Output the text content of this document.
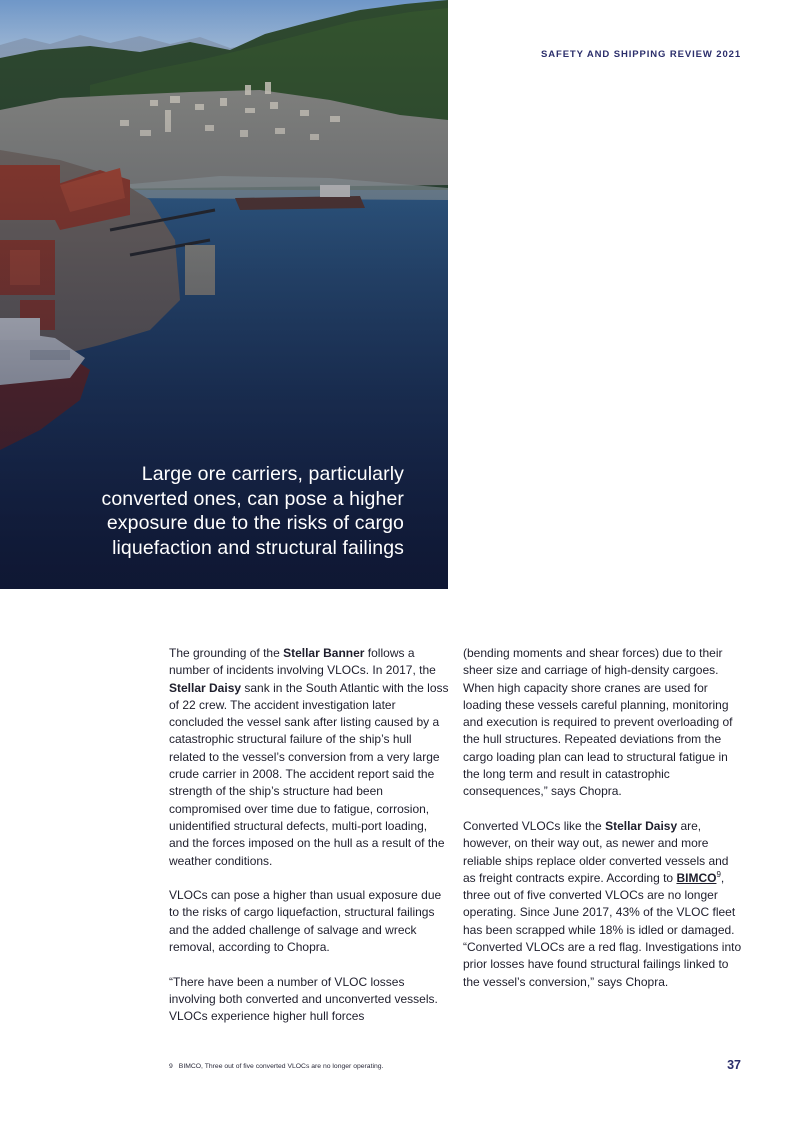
SAFETY AND SHIPPING REVIEW 2021
Large ore carriers, particularly converted ones, can pose a higher exposure due to the risks of cargo liquefaction and structural failings

The grounding of the Stellar Banner follows a number of incidents involving VLOCs. In 2017, the Stellar Daisy sank in the South Atlantic with the loss of 22 crew. The accident investigation later concluded the vessel sank after listing caused by a catastrophic structural failure of the ship’s hull related to the vessel’s conversion from a very large crude carrier in 2008. The accident report said the strength of the ship’s structure had been compromised over time due to fatigue, corrosion, unidentified structural defects, multi-port loading, and the forces imposed on the hull as a result of the weather conditions.

VLOCs can pose a higher than usual exposure due to the risks of cargo liquefaction, structural failings and the added challenge of salvage and wreck removal, according to Chopra.

“There have been a number of VLOC losses involving both converted and unconverted vessels. VLOCs experience higher hull forces

(bending moments and shear forces) due to their sheer size and carriage of high-density cargoes. When high capacity shore cranes are used for loading these vessels careful planning, monitoring and execution is required to prevent overloading of the hull structures. Repeated deviations from the cargo loading plan can lead to structural fatigue in the long term and result in catastrophic consequences,” says Chopra.

Converted VLOCs like the Stellar Daisy are, however, on their way out, as newer and more reliable ships replace older converted vessels and as freight contracts expire. According to BIMCO$^9$, three out of five converted VLOCs are no longer operating. Since June 2017, 43% of the VLOC fleet has been scrapped while 18% is idled or damaged. “Converted VLOCs are a red flag. Investigations into prior losses have found structural failings linked to the vessel’s conversion,” says Chopra.

9 BIMCO, Three out of five converted VLOCs are no longer operating.	37
